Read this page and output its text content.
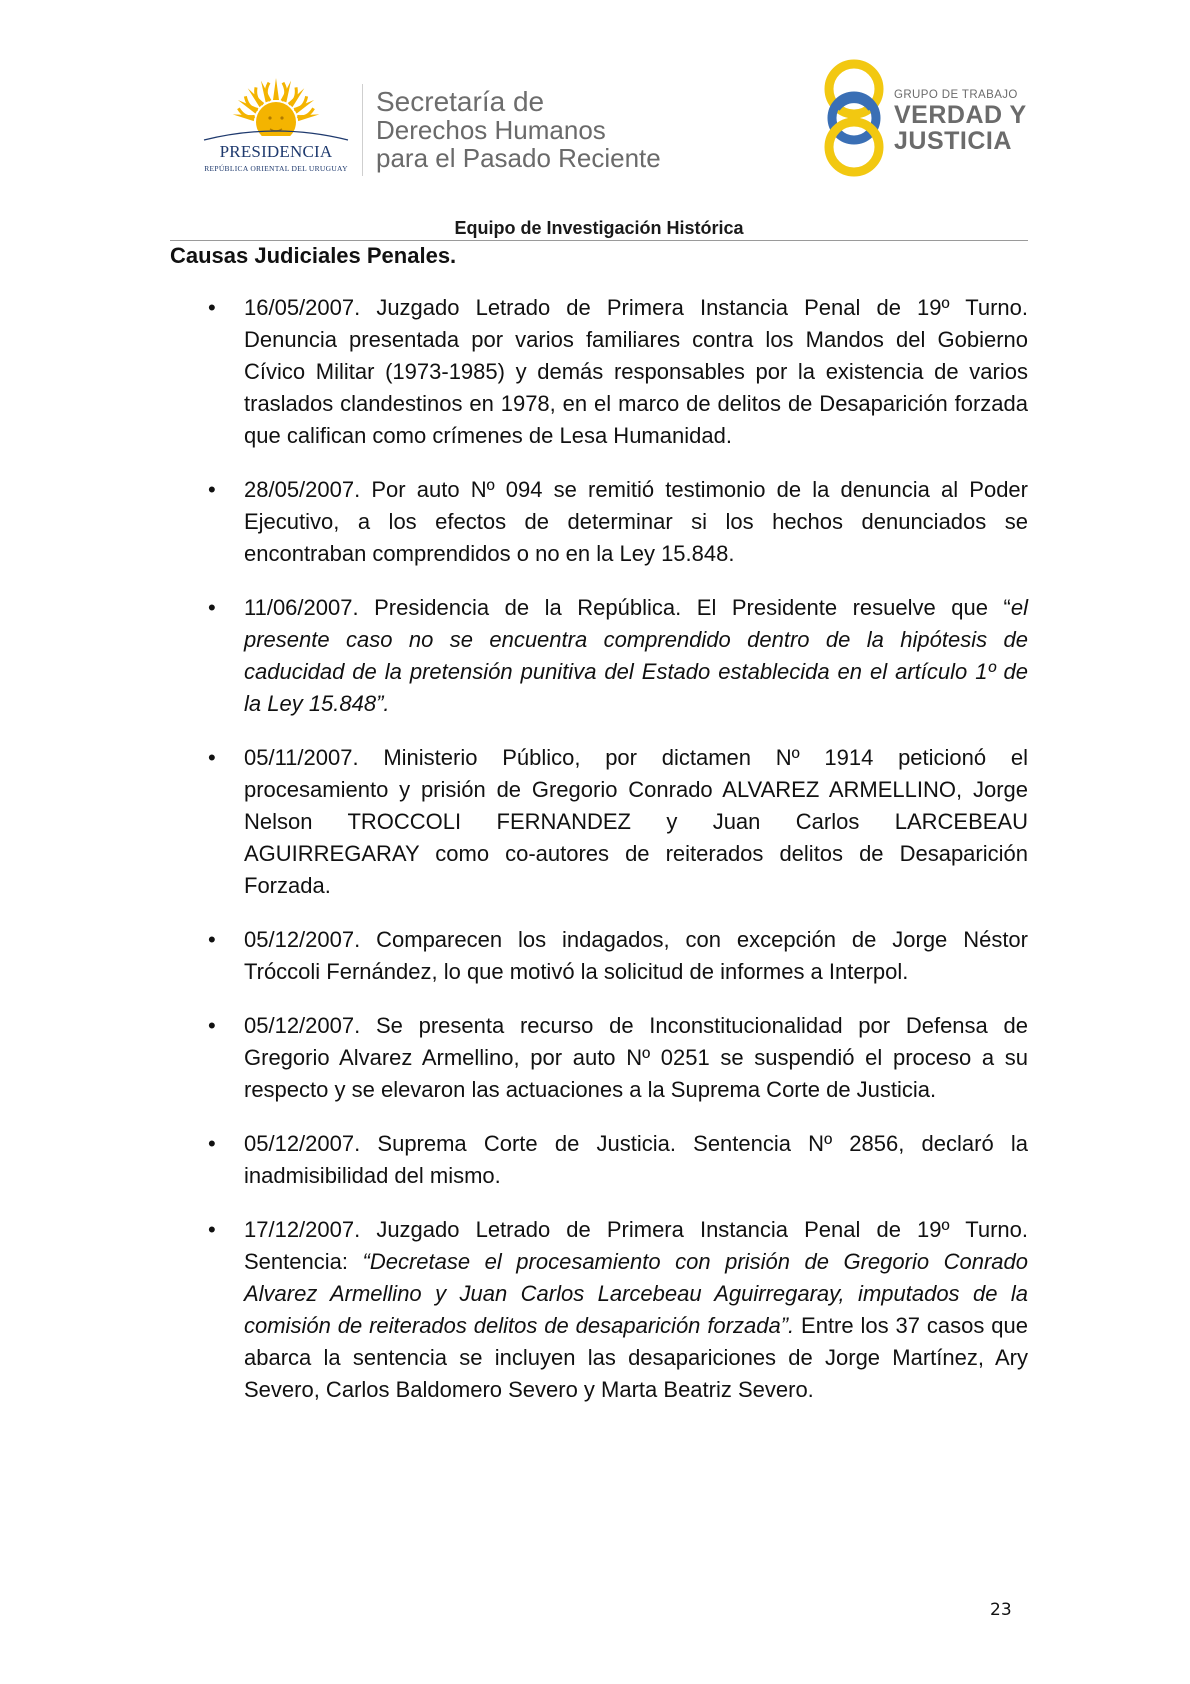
PRESIDENCIA
REPÚBLICA ORIENTAL DEL URUGUAY
Secretaría de
Derechos Humanos
para el Pasado Reciente
GRUPO DE TRABAJO
VERDAD Y
JUSTICIA
Equipo de Investigación Histórica
Causas Judiciales Penales.
• 16/05/2007. Juzgado Letrado de Primera Instancia Penal de 19º Turno. Denuncia presentada por varios familiares contra los Mandos del Gobierno Cívico Militar (1973-1985) y demás responsables por la existencia de varios traslados clandestinos en 1978, en el marco de delitos de Desaparición forzada que califican como crímenes de Lesa Humanidad.
• 28/05/2007. Por auto Nº 094 se remitió testimonio de la denuncia al Poder Ejecutivo, a los efectos de determinar si los hechos denunciados se encontraban comprendidos o no en la Ley 15.848.
• 11/06/2007. Presidencia de la República. El Presidente resuelve que “el presente caso no se encuentra comprendido dentro de la hipótesis de caducidad de la pretensión punitiva del Estado establecida en el artículo 1º de la Ley 15.848”.
• 05/11/2007. Ministerio Público, por dictamen Nº 1914 peticionó el procesamiento y prisión de Gregorio Conrado ALVAREZ ARMELLINO, Jorge Nelson TROCCOLI FERNANDEZ y Juan Carlos LARCEBEAU AGUIRREGARAY como co-autores de reiterados delitos de Desaparición Forzada.
• 05/12/2007. Comparecen los indagados, con excepción de Jorge Néstor Tróccoli Fernández, lo que motivó la solicitud de informes a Interpol.
• 05/12/2007. Se presenta recurso de Inconstitucionalidad por Defensa de Gregorio Alvarez Armellino, por auto Nº 0251 se suspendió el proceso a su respecto y se elevaron las actuaciones a la Suprema Corte de Justicia.
• 05/12/2007. Suprema Corte de Justicia. Sentencia Nº 2856, declaró la inadmisibilidad del mismo.
• 17/12/2007. Juzgado Letrado de Primera Instancia Penal de 19º Turno. Sentencia: “Decretase el procesamiento con prisión de Gregorio Conrado Alvarez Armellino y Juan Carlos Larcebeau Aguirregaray, imputados de la comisión de reiterados delitos de desaparición forzada”. Entre los 37 casos que abarca la sentencia se incluyen las desapariciones de Jorge Martínez, Ary Severo, Carlos Baldomero Severo y Marta Beatriz Severo.
23
